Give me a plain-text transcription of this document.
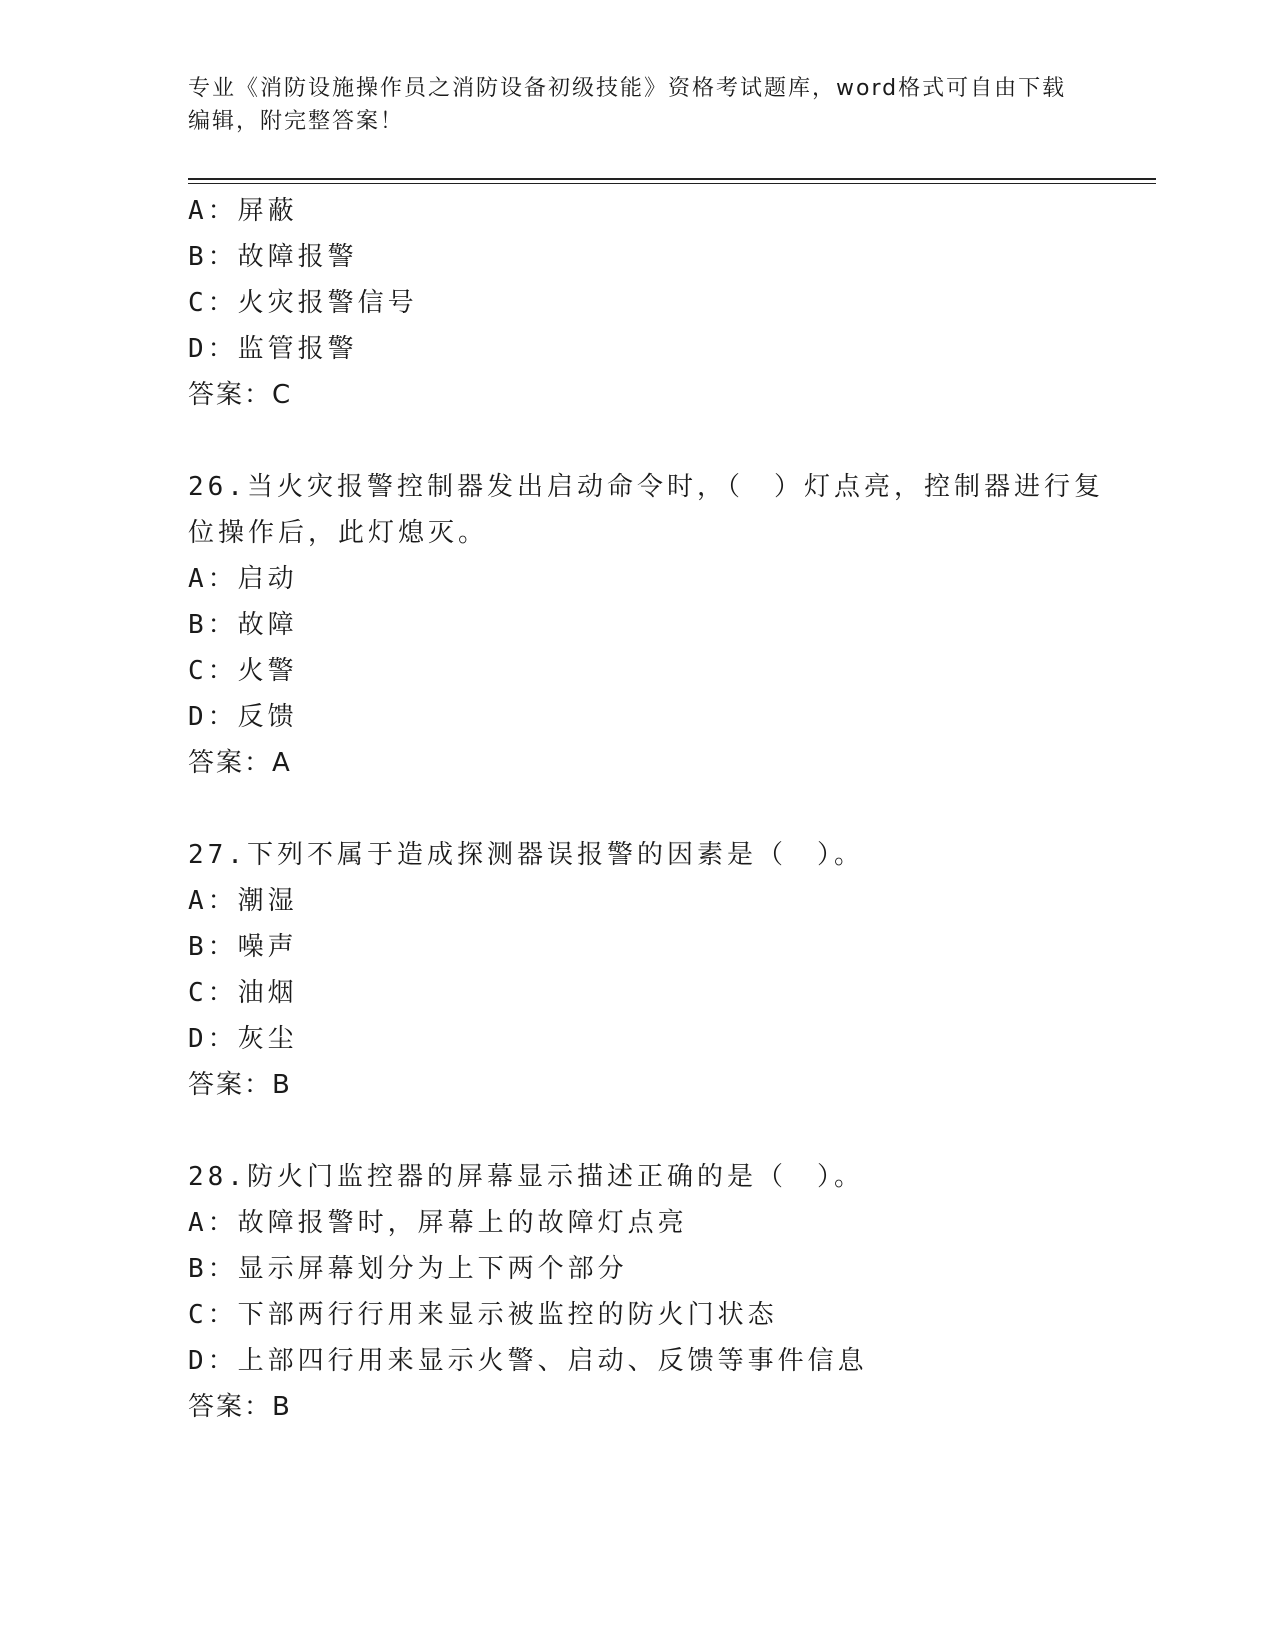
专业《消防设施操作员之消防设备初级技能》资格考试题库，word格式可自由下载编辑，附完整答案！
A：屏蔽
B：故障报警
C：火灾报警信号
D：监管报警
答案：C
26.当火灾报警控制器发出启动命令时，（　）灯点亮，控制器进行复位操作后，此灯熄灭。
A：启动
B：故障
C：火警
D：反馈
答案：A
27.下列不属于造成探测器误报警的因素是（　）。
A：潮湿
B：噪声
C：油烟
D：灰尘
答案：B
28.防火门监控器的屏幕显示描述正确的是（　）。
A：故障报警时，屏幕上的故障灯点亮
B：显示屏幕划分为上下两个部分
C：下部两行行用来显示被监控的防火门状态
D：上部四行用来显示火警、启动、反馈等事件信息
答案：B
